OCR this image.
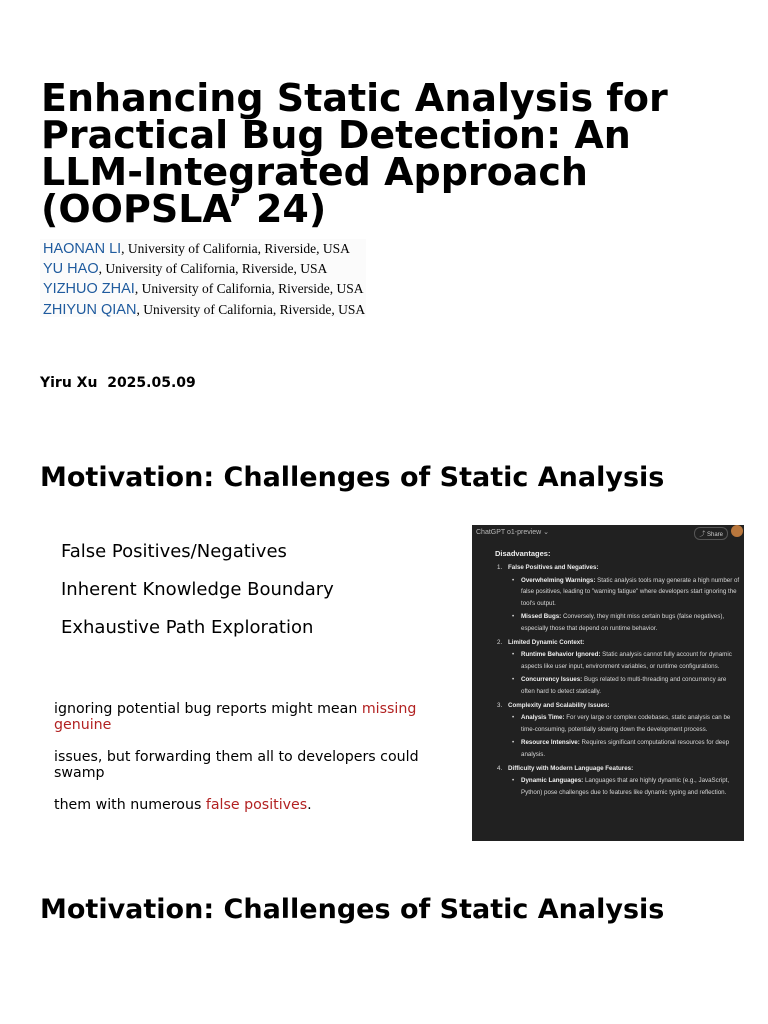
Enhancing Static Analysis for Practical Bug Detection: An LLM-Integrated Approach (OOPSLA’ 24)
HAONAN LI, University of California, Riverside, USA
YU HAO, University of California, Riverside, USA
YIZHUO ZHAI, University of California, Riverside, USA
ZHIYUN QIAN, University of California, Riverside, USA
Yiru Xu 2025.05.09
Motivation: Challenges of Static Analysis
False Positives/Negatives
Inherent Knowledge Boundary
Exhaustive Path Exploration

ignoring potential bug reports might mean missing genuine

issues, but forwarding them all to developers could swamp

them with numerous false positives.

ChatGPT o1-preview ⌄	⤴ Share
Disadvantages:
1. False Positives and Negatives:
• Overwhelming Warnings: Static analysis tools may generate a high number of false positives, leading to "warning fatigue" where developers start ignoring the tool's output.
• Missed Bugs: Conversely, they might miss certain bugs (false negatives), especially those that depend on runtime behavior.
2. Limited Dynamic Context:
• Runtime Behavior Ignored: Static analysis cannot fully account for dynamic aspects like user input, environment variables, or runtime configurations.
• Concurrency Issues: Bugs related to multi-threading and concurrency are often hard to detect statically.
3. Complexity and Scalability Issues:
• Analysis Time: For very large or complex codebases, static analysis can be time-consuming, potentially slowing down the development process.
• Resource Intensive: Requires significant computational resources for deep analysis.
4. Difficulty with Modern Language Features:
• Dynamic Languages: Languages that are highly dynamic (e.g., JavaScript, Python) pose challenges due to features like dynamic typing and reflection.
Motivation: Challenges of Static Analysis
